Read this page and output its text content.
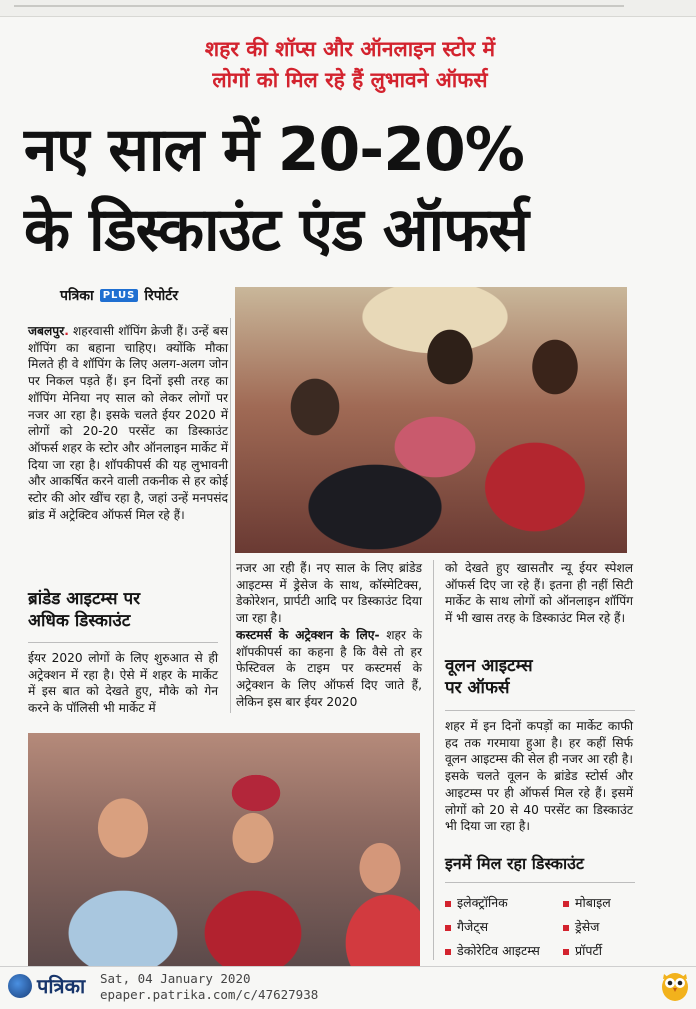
शहर की शॉप्स और ऑनलाइन स्टोर में
लोगों को मिल रहे हैं लुभावने ऑफर्स
नए साल में 20-20%
के डिस्काउंट एंड ऑफर्स
पत्रिका PLUS रिपोर्टर
जबलपुर. शहरवासी शॉपिंग क्रेजी हैं। उन्हें बस शॉपिंग का बहाना चाहिए। क्योंकि मौका मिलते ही वे शॉपिंग के लिए अलग-अलग जोन पर निकल पड़ते हैं। इन दिनों इसी तरह का शॉपिंग मेनिया नए साल को लेकर लोगों पर नजर आ रहा है। इसके चलते ईयर 2020 में लोगों को 20-20 परसेंट का डिस्काउंट ऑफर्स शहर के स्टोर और ऑनलाइन मार्केट में दिया जा रहा है। शॉपकीपर्स की यह लुभावनी और आकर्षित करने वाली तकनीक से हर कोई स्टोर की ओर खींच रहा है, जहां उन्हें मनपसंद ब्रांड में अट्रेक्टिव ऑफर्स मिल रहे हैं।
ब्रांडेड आइटम्स पर
अधिक डिस्काउंट
ईयर 2020 लोगों के लिए शुरुआत से ही अट्रेक्शन में रहा है। ऐसे में शहर के मार्केट में इस बात को देखते हुए, मौके को गेन करने के पॉलिसी भी मार्केट में
नजर आ रही हैं। नए साल के लिए ब्रांडेड आइटम्स में ड्रेसेज के साथ, कॉस्मेटिक्स, डेकोरेशन, प्रार्पटी आदि पर डिस्काउंट दिया जा रहा है।
कस्टमर्स के अट्रेक्शन के लिए- शहर के शॉपकीपर्स का कहना है कि वैसे तो हर फेस्टिवल के टाइम पर कस्टमर्स के अट्रेक्शन के लिए ऑफर्स दिए जाते हैं, लेकिन इस बार ईयर 2020
को देखते हुए खासतौर न्यू ईयर स्पेशल ऑफर्स दिए जा रहे हैं। इतना ही नहीं सिटी मार्केट के साथ लोगों को ऑनलाइन शॉपिंग में भी खास तरह के डिस्काउंट मिल रहे हैं।
वूलन आइटम्स
पर ऑफर्स
शहर में इन दिनों कपड़ों का मार्केट काफी हद तक गरमाया हुआ है। हर कहीं सिर्फ वूलन आइटम्स की सेल ही नजर आ रही है। इसके चलते वूलन के ब्रांडेड स्टोर्स और आइटम्स पर ही ऑफर्स मिल रहे हैं। इसमें लोगों को 20 से 40 परसेंट का डिस्काउंट भी दिया जा रहा है।
इनमें मिल रहा डिस्काउंट
इलेक्ट्रॉनिक	मोबाइल
गैजेट्स	ड्रेसेज
डेकोरेटिव आइटम्स	प्रॉपर्टी
पत्रिका Sat, 04 January 2020
epaper.patrika.com/c/47627938
